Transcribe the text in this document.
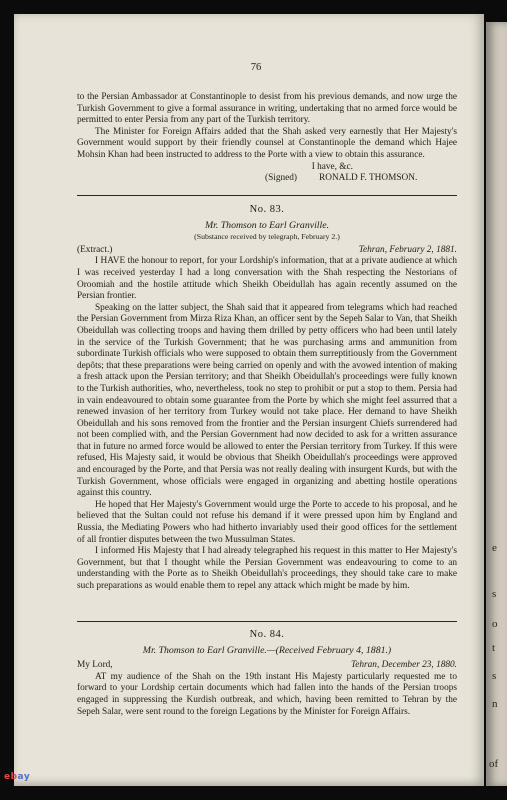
76

to the Persian Ambassador at Constantinople to desist from his previous demands, and now urge the Turkish Government to give a formal assurance in writing, undertaking that no armed force would be permitted to enter Persia from any part of the Turkish territory.

The Minister for Foreign Affairs added that the Shah asked very earnestly that Her Majesty's Government would support by their friendly counsel at Constantinople the demand which Hajee Mohsin Khan had been instructed to address to the Porte with a view to obtain this assurance.

I have, &c.

(Signed) RONALD F. THOMSON.
No. 83.
Mr. Thomson to Earl Granville.
(Substance received by telegraph, February 2.)
(Extract.)	Tehran, February 2, 1881.

I HAVE the honour to report, for your Lordship's information, that at a private audience at which I was received yesterday I had a long conversation with the Shah respecting the Nestorians of Oroomiah and the hostile attitude which Sheikh Obeidullah has again recently assumed on the Persian frontier.

Speaking on the latter subject, the Shah said that it appeared from telegrams which had reached the Persian Government from Mirza Riza Khan, an officer sent by the Sepeh Salar to Van, that Sheikh Obeidullah was collecting troops and having them drilled by petty officers who had been until lately in the service of the Turkish Government; that he was purchasing arms and ammunition from subordinate Turkish officials who were supposed to obtain them surreptitiously from the Government depôts; that these preparations were being carried on openly and with the avowed intention of making a fresh attack upon the Persian territory; and that Sheikh Obeidullah's proceedings were fully known to the Turkish authorities, who, nevertheless, took no step to prohibit or put a stop to them. Persia had in vain endeavoured to obtain some guarantee from the Porte by which she might feel assurred that a renewed invasion of her territory from Turkey would not take place. Her demand to have Sheikh Obeidullah and his sons removed from the frontier and the Persian insurgent Chiefs surrendered had not been complied with, and the Persian Government had now decided to ask for a written assurance that in future no armed force would be allowed to enter the Persian territory from Turkey. If this were refused, His Majesty said, it would be obvious that Sheikh Obeidullah's proceedings were approved and encouraged by the Porte, and that Persia was not really dealing with insurgent Kurds, but with the Turkish Government, whose officials were engaged in organizing and abetting hostile operations against this country.

He hoped that Her Majesty's Government would urge the Porte to accede to his proposal, and he believed that the Sultan could not refuse his demand if it were pressed upon him by England and Russia, the Mediating Powers who had hitherto invariably used their good offices for the settlement of all frontier disputes between the two Mussulman States.

I informed His Majesty that I had already telegraphed his request in this matter to Her Majesty's Government, but that I thought while the Persian Government was endeavouring to come to an understanding with the Porte as to Sheikh Obeidullah's proceedings, they should take care to make such preparations as would enable them to repel any attack which might be made by him.

No. 84.
Mr. Thomson to Earl Granville.—(Received February 4, 1881.)
My Lord,	Tehran, December 23, 1880.

AT my audience of the Shah on the 19th instant His Majesty particularly requested me to forward to your Lordship certain documents which had fallen into the hands of the Persian troops engaged in suppressing the Kurdish outbreak, and which, having been remitted to Tehran by the Sepeh Salar, were sent round to the foreign Legations by the Minister for Foreign Affairs.

e
s
o
t
s
n
of
ebay
